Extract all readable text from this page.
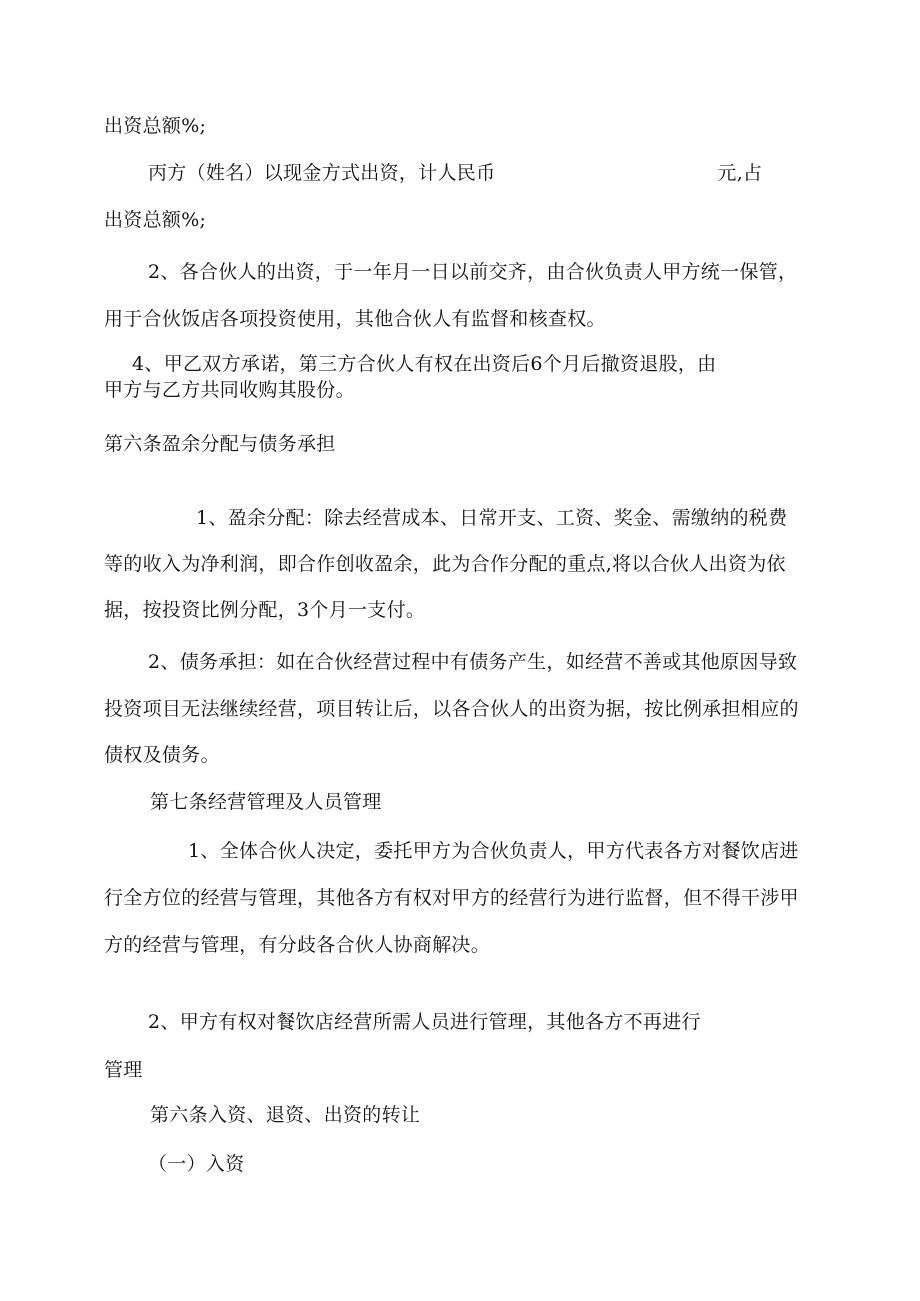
出资总额%;
丙方（姓名）以现金方式出资，计人民币	元,占
出资总额%;
2、各合伙人的出资，于一年月一日以前交齐，由合伙负责人甲方统一保管，
用于合伙饭店各项投资使用，其他合伙人有监督和核查权。
4、甲乙双方承诺，第三方合伙人有权在出资后6个月后撤资退股，由
甲方与乙方共同收购其股份。
第六条盈余分配与债务承担
1、盈余分配：除去经营成本、日常开支、工资、奖金、需缴纳的税费
等的收入为净利润，即合作创收盈余，此为合作分配的重点,将以合伙人出资为依
据，按投资比例分配，3个月一支付。
2、债务承担：如在合伙经营过程中有债务产生，如经营不善或其他原因导致
投资项目无法继续经营，项目转让后，以各合伙人的出资为据，按比例承担相应的
债权及债务。
第七条经营管理及人员管理
1、全体合伙人决定，委托甲方为合伙负责人，甲方代表各方对餐饮店进
行全方位的经营与管理，其他各方有权对甲方的经营行为进行监督，但不得干涉甲
方的经营与管理，有分歧各合伙人协商解决。
2、甲方有权对餐饮店经营所需人员进行管理，其他各方不再进行
管理
第六条入资、退资、出资的转让
（一）入资
